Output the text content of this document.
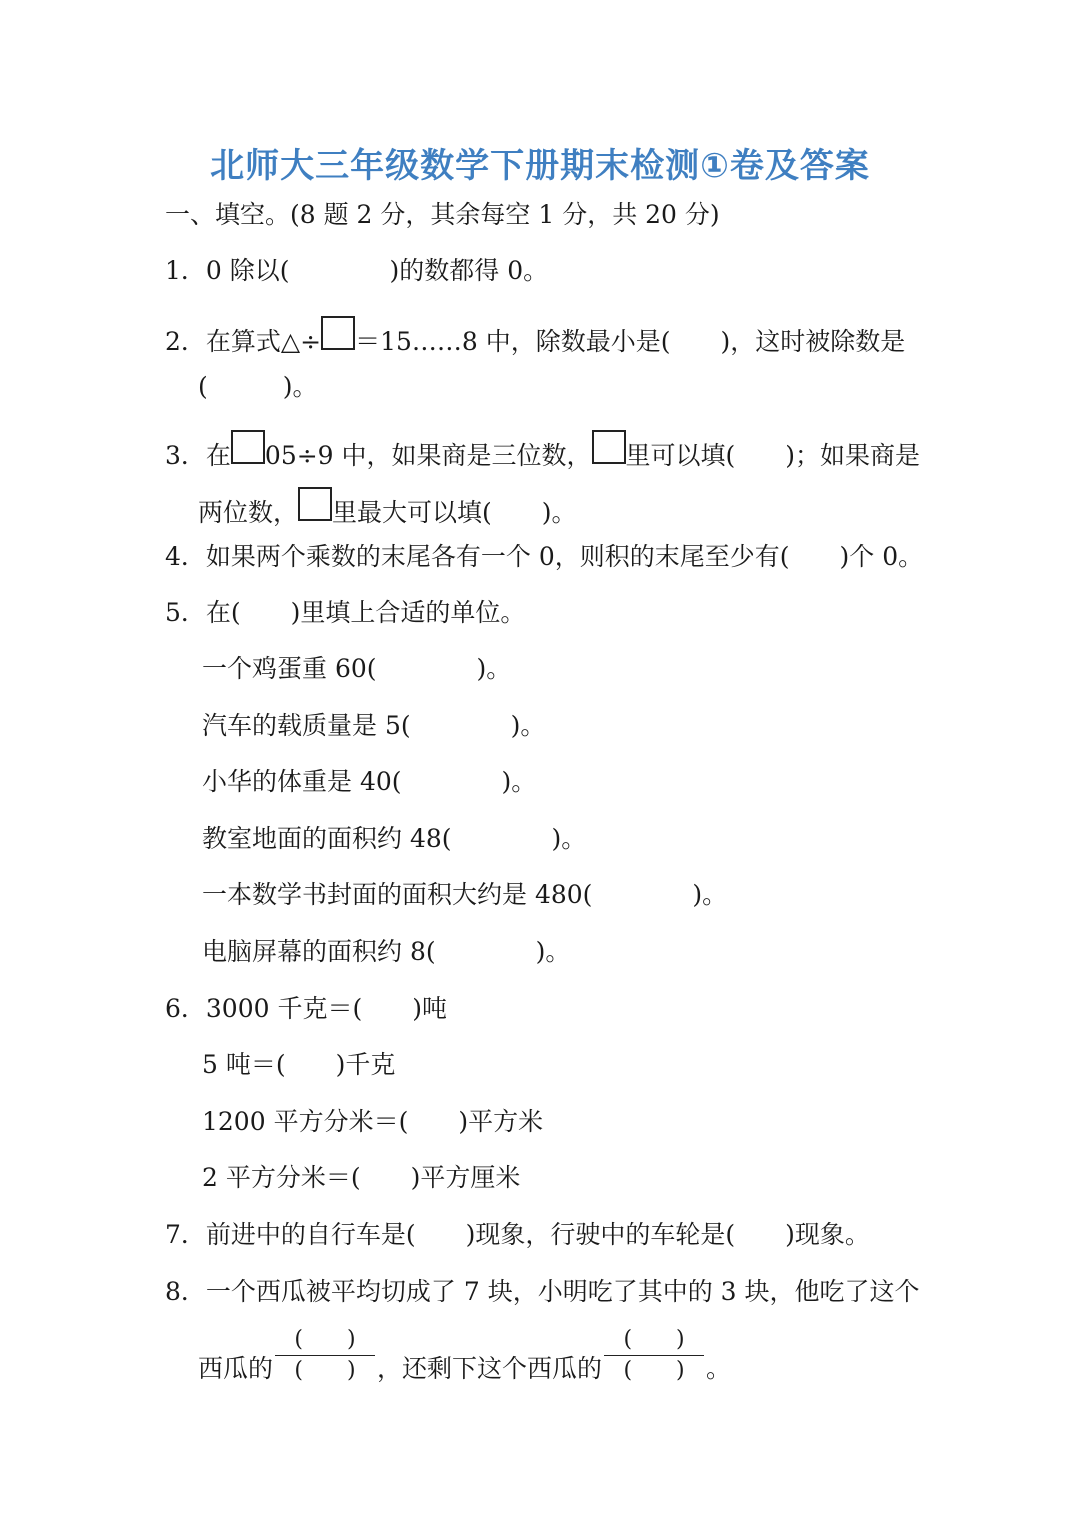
北师大三年级数学下册期末检测①卷及答案
一、填空。(8 题 2 分，其余每空 1 分，共 20 分)
1．0 除以(　　　　)的数都得 0。
2．在算式△÷ ＝15……8 中，除数最小是(　　)，这时被除数是
(　　　)。
3．在 05÷9 中，如果商是三位数， 里可以填(　　)；如果商是
两位数， 里最大可以填(　　)。
4．如果两个乘数的末尾各有一个 0，则积的末尾至少有(　　)个 0。
5．在(　　)里填上合适的单位。
一个鸡蛋重 60(　　　　)。
汽车的载质量是 5(　　　　)。
小华的体重是 40(　　　　)。
教室地面的面积约 48(　　　　)。
一本数学书封面的面积大约是 480(　　　　)。
电脑屏幕的面积约 8(　　　　)。
6．3000 千克＝(　　)吨
5 吨＝(　　)千克
1200 平方分米＝(　　)平方米
2 平方分米＝(　　)平方厘米
7．前进中的自行车是(　　)现象，行驶中的车轮是(　　)现象。
8．一个西瓜被平均切成了 7 块，小明吃了其中的 3 块，他吃了这个
西瓜的 $\frac{( )}{( )}$ ，还剩下这个西瓜的 $\frac{( )}{( )}$ 。
